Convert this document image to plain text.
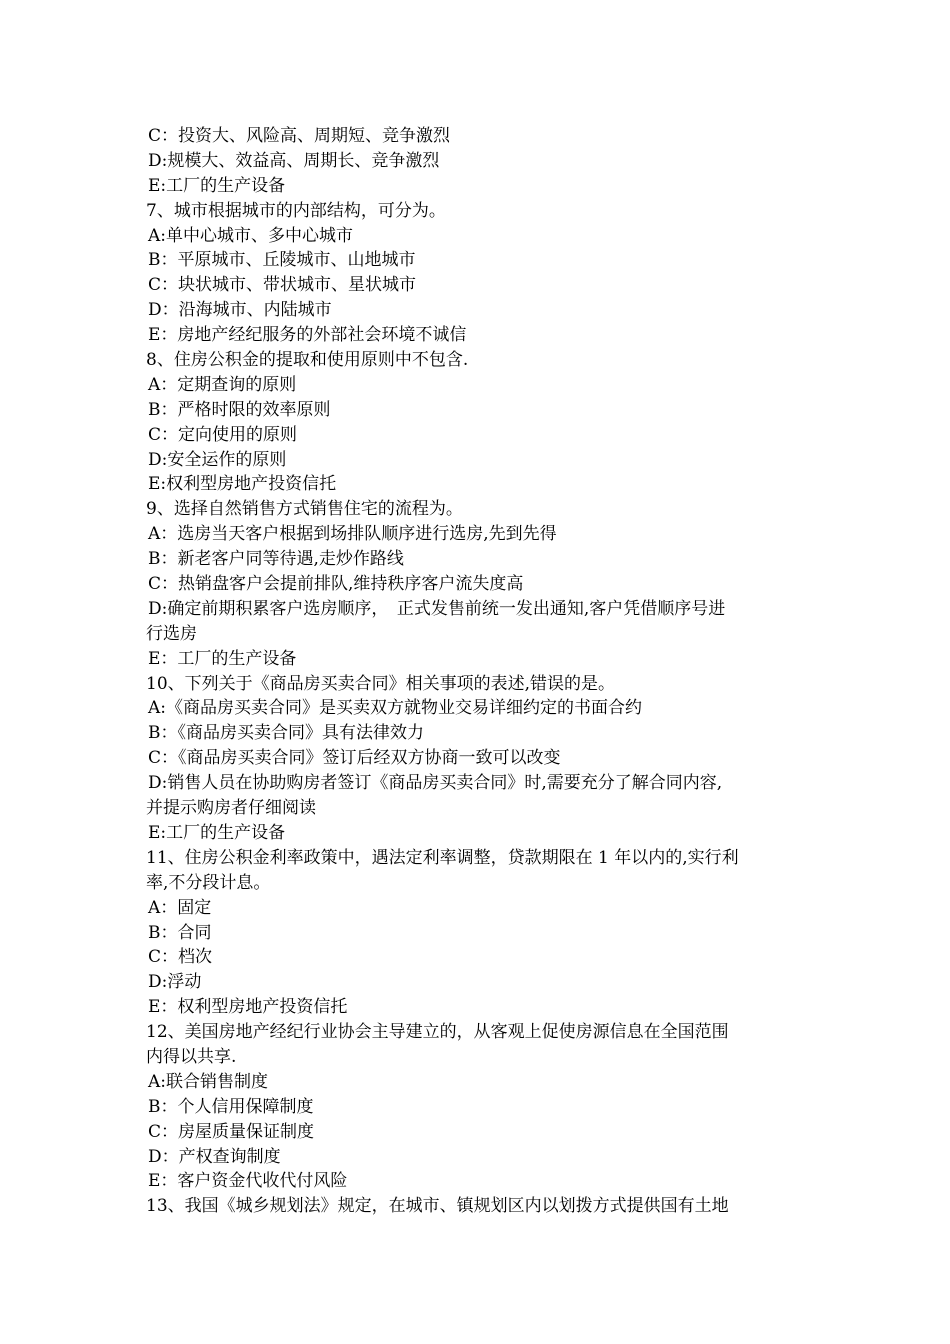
C：投资大、风险高、周期短、竞争激烈
D:规模大、效益高、周期长、竞争激烈
E:工厂的生产设备
7、城市根据城市的内部结构，可分为。
A:单中心城市、多中心城市
B：平原城市、丘陵城市、山地城市
C：块状城市、带状城市、星状城市
D：沿海城市、内陆城市
E：房地产经纪服务的外部社会环境不诚信
8、住房公积金的提取和使用原则中不包含.
A：定期查询的原则
B：严格时限的效率原则
C：定向使用的原则
D:安全运作的原则
E:权利型房地产投资信托
9、选择自然销售方式销售住宅的流程为。
A：选房当天客户根据到场排队顺序进行选房,先到先得
B：新老客户同等待遇,走炒作路线
C：热销盘客户会提前排队,维持秩序客户流失度高
D:确定前期积累客户选房顺序，　正式发售前统一发出通知,客户凭借顺序号进
行选房
E：工厂的生产设备
10、下列关于《商品房买卖合同》相关事项的表述,错误的是。
A:《商品房买卖合同》是买卖双方就物业交易详细约定的书面合约
B：《商品房买卖合同》具有法律效力
C：《商品房买卖合同》签订后经双方协商一致可以改变
D:销售人员在协助购房者签订《商品房买卖合同》时,需要充分了解合同内容,
并提示购房者仔细阅读
E:工厂的生产设备
11、住房公积金利率政策中，遇法定利率调整，贷款期限在 1 年以内的,实行利
率,不分段计息。
A：固定
B：合同
C：档次
D:浮动
E：权利型房地产投资信托
12、美国房地产经纪行业协会主导建立的，从客观上促使房源信息在全国范围
内得以共享.
A:联合销售制度
B：个人信用保障制度
C：房屋质量保证制度
D：产权查询制度
E：客户资金代收代付风险
13、我国《城乡规划法》规定，在城市、镇规划区内以划拨方式提供国有土地
